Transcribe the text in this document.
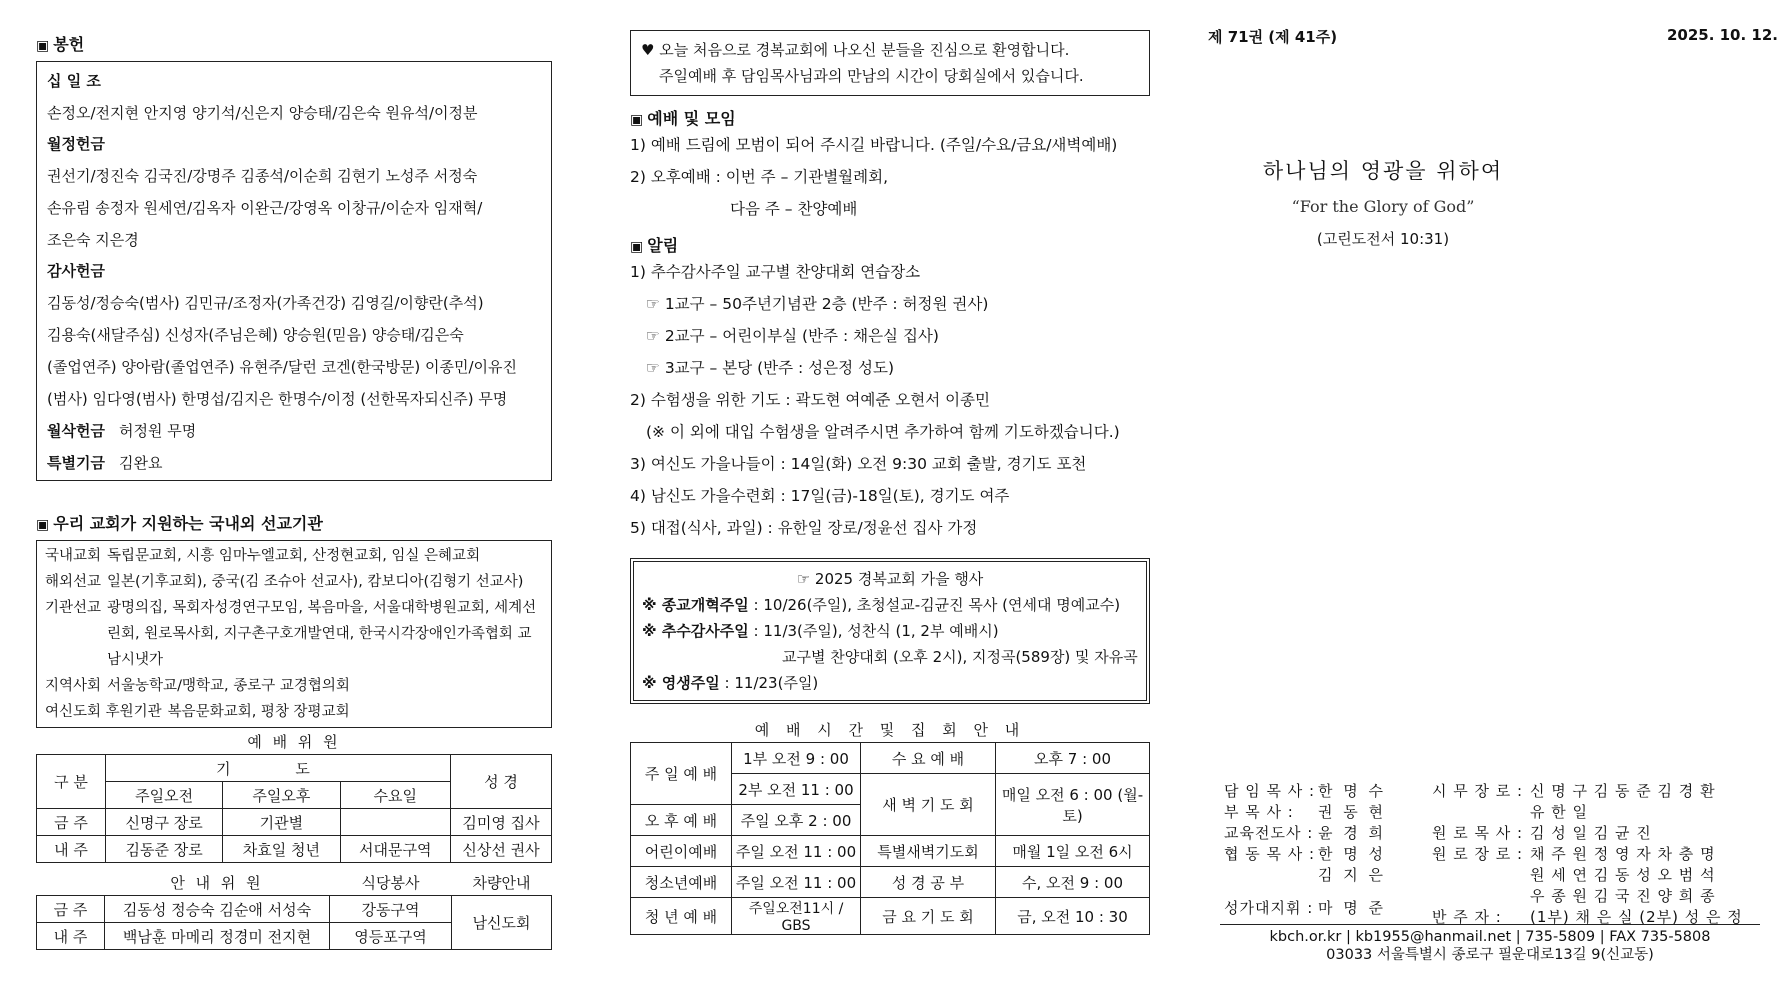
▣ 봉헌

십 일 조

손정오/전지현 안지영 양기석/신은지 양승태/김은숙 원유석/이정분

월정헌금

권선기/정진숙 김국진/강명주 김종석/이순희 김현기 노성주 서정숙

손유림 송정자 원세연/김옥자 이완근/강영옥 이창규/이순자 임재혁/

조은숙 지은경

감사헌금

김동성/정승숙(범사) 김민규/조정자(가족건강) 김영길/이향란(추석)

김용숙(새달주심) 신성자(주님은혜) 양승원(믿음) 양승태/김은숙

(졸업연주) 양아람(졸업연주) 유현주/달런 코겐(한국방문) 이종민/이유진

(범사) 임다영(범사) 한명섭/김지은 한명수/이정 (선한목자되신주) 무명

월삭헌금 허정원 무명

특별기금 김완요

▣ 우리 교회가 지원하는 국내외 선교기관

국내교회 독립문교회, 시흥 임마누엘교회, 산정현교회, 임실 은혜교회
해외선교 일본(기후교회), 중국(김 조슈아 선교사), 캄보디아(김형기 선교사)
기관선교 광명의집, 목회자성경연구모임, 복음마을, 서울대학병원교회, 세계선린회, 원로목사회, 지구촌구호개발연대, 한국시각장애인가족협회 교남시냇가
지역사회 서울농학교/맹학교, 종로구 교경협의회
여신도회 후원기관 복음문화교회, 평창 장평교회
예 배 위 원
구 분	기 도			성 경
	주일오전	주일오후	수요일	
금 주	신명구 장로	기관별		김미영 집사
내 주	김동준 장로	차효일 청년	서대문구역	신상선 권사
	안 내 위 원	식당봉사	차량안내
금 주	김동성 정승숙 김순애 서성숙	강동구역	남신도회
내 주	백남훈 마메리 정경미 전지현	영등포구역	
♥ 오늘 처음으로 경복교회에 나오신 분들을 진심으로 환영합니다.
주일예배 후 담임목사님과의 만남의 시간이 당회실에서 있습니다.

▣ 예배 및 모임

1) 예배 드림에 모범이 되어 주시길 바랍니다. (주일/수요/금요/새벽예배)

2) 오후예배 : 이번 주 – 기관별월례회,

다음 주 – 찬양예배

▣ 알림

1) 추수감사주일 교구별 찬양대회 연습장소

☞ 1교구 – 50주년기념관 2층 (반주 : 허정원 권사)

☞ 2교구 – 어린이부실 (반주 : 채은실 집사)

☞ 3교구 – 본당 (반주 : 성은정 성도)

2) 수험생을 위한 기도 : 곽도현 여예준 오현서 이종민

(※ 이 외에 대입 수험생을 알려주시면 추가하여 함께 기도하겠습니다.)

3) 여신도 가을나들이 : 14일(화) 오전 9:30 교회 출발, 경기도 포천

4) 남신도 가을수련회 : 17일(금)-18일(토), 경기도 여주

5) 대접(식사, 과일) : 유한일 장로/정윤선 집사 가정

☞ 2025 경복교회 가을 행사
※ 종교개혁주일 : 10/26(주일), 초청설교-김균진 목사 (연세대 명예교수)
※ 추수감사주일 : 11/3(주일), 성찬식 (1, 2부 예배시)
교구별 찬양대회 (오후 2시), 지정곡(589장) 및 자유곡
※ 영생주일 : 11/23(주일)
예 배 시 간 및 집 회 안 내
주 일 예 배	1부 오전 9 : 00	수 요 예 배	오후 7 : 00
	2부 오전 11 : 00	새 벽 기 도 회	매일 오전 6 : 00 (월-토)
오 후 예 배	주일 오후 2 : 00		
어린이예배	주일 오전 11 : 00	특별새벽기도회	매월 1일 오전 6시
청소년예배	주일 오전 11 : 00	성 경 공 부	수, 오전 9 : 00
청 년 예 배	주일오전11시 / GBS	금 요 기 도 회	금, 오전 10 : 30
제 71권 (제 41주)	2025. 10. 12.
하나님의 영광을 위하여
“For the Glory of God”
(고린도전서 10:31)
담 임 목 사 : 한 명 수
부 목 사 :	권 동 현
교육전도사 : 윤 경 희
협 동 목 사 : 한 명 성
김 지 은
성가대지휘 : 마 명 준
시 무 장 로 : 신 명 구 김 동 준 김 경 환
유 한 일
원 로 목 사 : 김 성 일 김 균 진
원 로 장 로 : 채 주 원 정 영 자 차 충 명
원 세 연 김 동 성 오 범 석
우 종 원 김 국 진 양 희 종
반 주 자 :	(1부) 채 은 실 (2부) 성 은 정
kbch.or.kr | kb1955@hanmail.net | 735-5809 | FAX 735-5808
03033 서울특별시 종로구 필운대로13길 9(신교동)
